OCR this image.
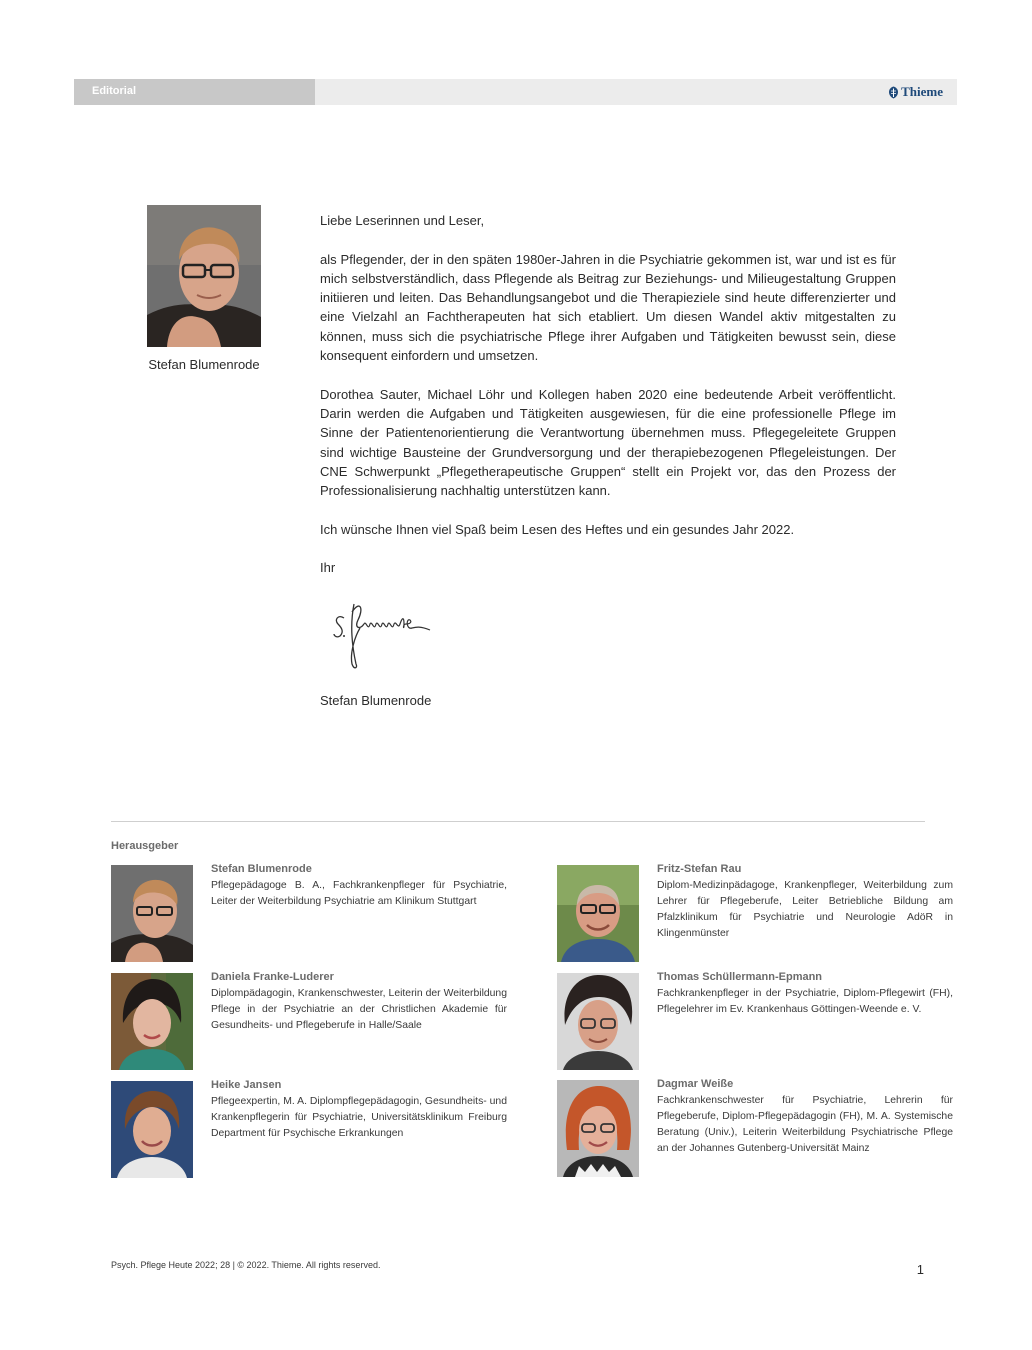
Editorial	Thieme
Stefan Blumenrode

Liebe Leserinnen und Leser,

als Pflegender, der in den späten 1980er-Jahren in die Psychiatrie gekommen ist, war und ist es für mich selbstverständlich, dass Pflegende als Beitrag zur Beziehungs- und Milieugestaltung Gruppen initiieren und leiten. Das Behandlungsangebot und die Therapieziele sind heute differenzierter und eine Vielzahl an Fachtherapeuten hat sich etabliert. Um diesen Wandel aktiv mitgestalten zu können, muss sich die psychiatrische Pflege ihrer Aufgaben und Tätigkeiten bewusst sein, diese konsequent einfordern und umsetzen.

Dorothea Sauter, Michael Löhr und Kollegen haben 2020 eine bedeutende Arbeit veröffentlicht. Darin werden die Aufgaben und Tätigkeiten ausgewiesen, für die eine professionelle Pflege im Sinne der Patientenorientierung die Verantwortung übernehmen muss. Pflegegeleitete Gruppen sind wichtige Bausteine der Grundversorgung und der therapiebezogenen Pflegeleistungen. Der CNE Schwerpunkt „Pflegetherapeutische Gruppen“ stellt ein Projekt vor, das den Prozess der Professionalisierung nachhaltig unterstützen kann.

Ich wünsche Ihnen viel Spaß beim Lesen des Heftes und ein gesundes Jahr 2022.

Ihr

Stefan Blumenrode
Herausgeber
Stefan Blumenrode
Pflegepädagoge B. A., Fachkrankenpfleger für Psychiatrie, Leiter der Weiterbildung Psychiatrie am Klinikum Stuttgart
Daniela Franke-Luderer
Diplompädagogin, Krankenschwester, Leiterin der Weiterbildung Pflege in der Psychiatrie an der Christlichen Akademie für Gesundheits- und Pflegeberufe in Halle/Saale
Heike Jansen
Pflegeexpertin, M. A. Diplompflegepädagogin, Gesundheits- und Krankenpflegerin für Psychiatrie, Universitätsklinikum Freiburg Department für Psychische Erkrankungen
Fritz-Stefan Rau
Diplom-Medizinpädagoge, Krankenpfleger, Weiterbildung zum Lehrer für Pflegeberufe, Leiter Betriebliche Bildung am Pfalzklinikum für Psychiatrie und Neurologie AdöR in Klingenmünster
Thomas Schüllermann-Epmann
Fachkrankenpfleger in der Psychiatrie, Diplom-Pflegewirt (FH), Pflegelehrer im Ev. Krankenhaus Göttingen-Weende e. V.
Dagmar Weiße
Fachkrankenschwester für Psychiatrie, Lehrerin für Pflegeberufe, Diplom-Pflegepädagogin (FH), M. A. Systemische Beratung (Univ.), Leiterin Weiterbildung Psychiatrische Pflege an der Johannes Gutenberg-Universität Mainz
Psych. Pflege Heute 2022; 28 | © 2022. Thieme. All rights reserved.	1
